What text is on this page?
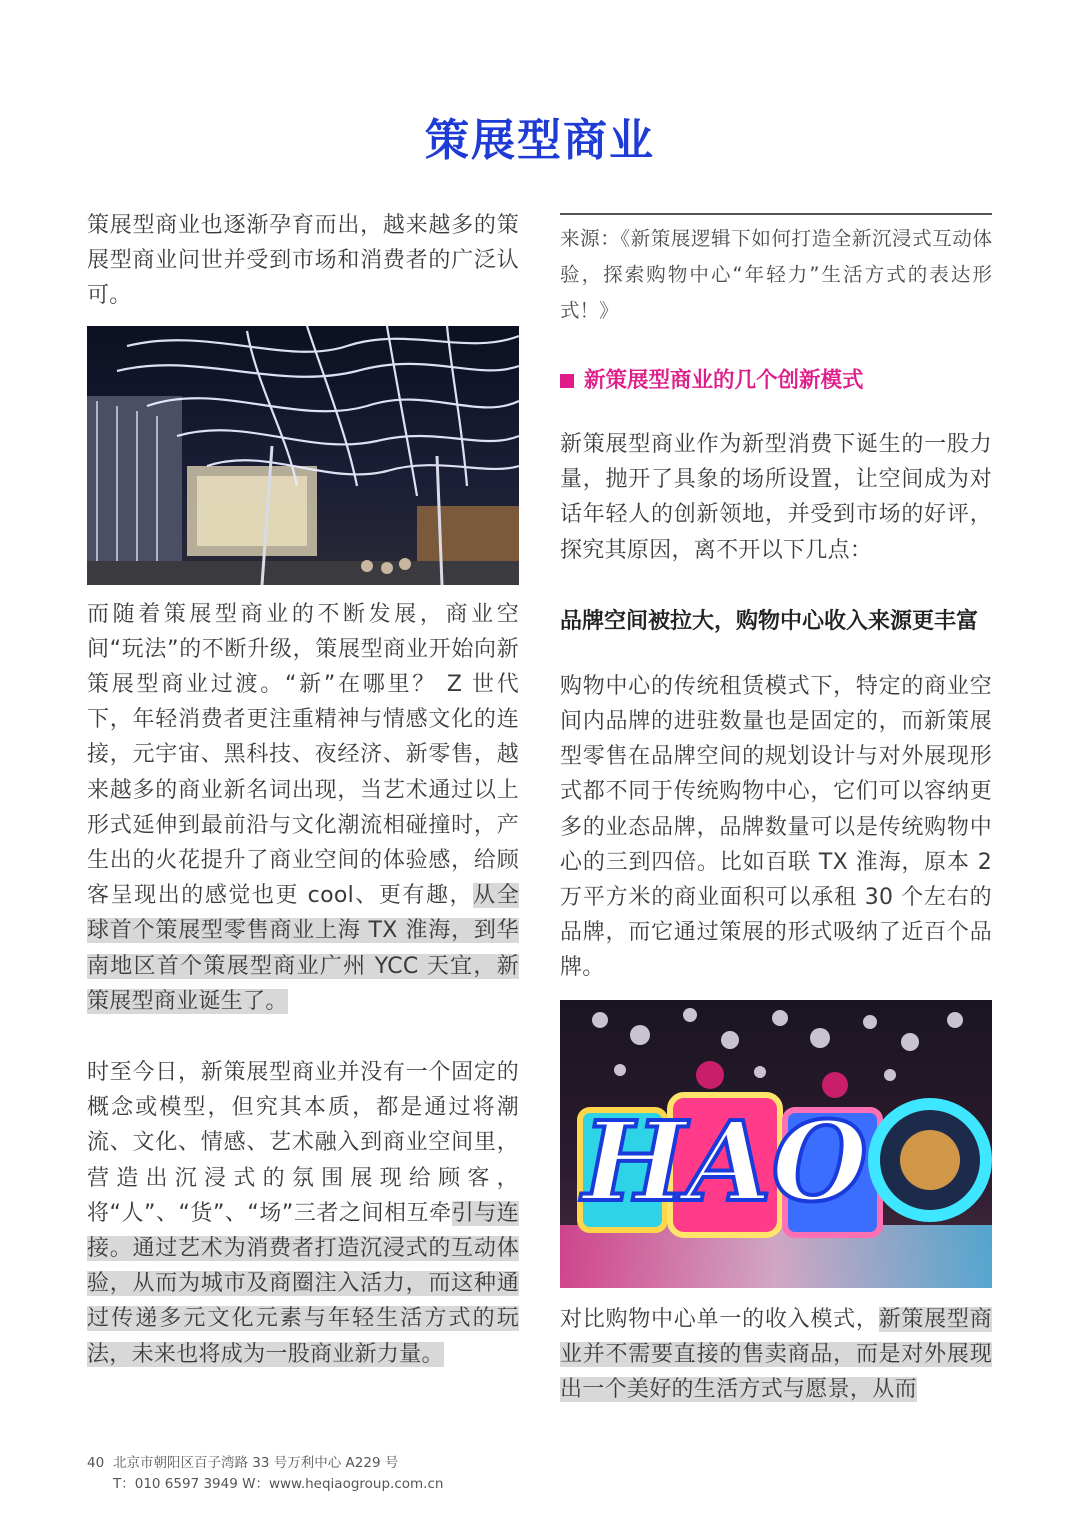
策展型商业

策展型商业也逐渐孕育而出，越来越多的策展型商业问世并受到市场和消费者的广泛认可。

而随着策展型商业的不断发展，商业空间“玩法”的不断升级，策展型商业开始向新策展型商业过渡。“新”在哪里？ Z 世代下，年轻消费者更注重精神与情感文化的连接，元宇宙、黑科技、夜经济、新零售，越来越多的商业新名词出现，当艺术通过以上形式延伸到最前沿与文化潮流相碰撞时，产生出的火花提升了商业空间的体验感，给顾客呈现出的感觉也更 cool、更有趣，从全球首个策展型零售商业上海 TX 淮海，到华南地区首个策展型商业广州 YCC 天宜，新策展型商业诞生了。

时至今日，新策展型商业并没有一个固定的概念或模型，但究其本质，都是通过将潮流、文化、情感、艺术融入到商业空间里，营造出沉浸式的氛围展现给顾客，将“人”、“货”、“场”三者之间相互牵引与连接。通过艺术为消费者打造沉浸式的互动体验，从而为城市及商圈注入活力，而这种通过传递多元文化元素与年轻生活方式的玩法，未来也将成为一股商业新力量。

来源：《新策展逻辑下如何打造全新沉浸式互动体验，探索购物中心“年轻力”生活方式的表达形式！》

新策展型商业的几个创新模式

新策展型商业作为新型消费下诞生的一股力量，抛开了具象的场所设置，让空间成为对话年轻人的创新领地，并受到市场的好评，探究其原因，离不开以下几点：

品牌空间被拉大，购物中心收入来源更丰富

购物中心的传统租赁模式下，特定的商业空间内品牌的进驻数量也是固定的，而新策展型零售在品牌空间的规划设计与对外展现形式都不同于传统购物中心，它们可以容纳更多的业态品牌，品牌数量可以是传统购物中心的三到四倍。比如百联 TX 淮海，原本 2 万平方米的商业面积可以承租 30 个左右的品牌，而它通过策展的形式吸纳了近百个品牌。

HAO

对比购物中心单一的收入模式，新策展型商业并不需要直接的售卖商品，而是对外展现出一个美好的生活方式与愿景，从而

40 北京市朝阳区百子湾路 33 号万利中心 A229 号
T：010 6597 3949 W：www.heqiaogroup.com.cn
